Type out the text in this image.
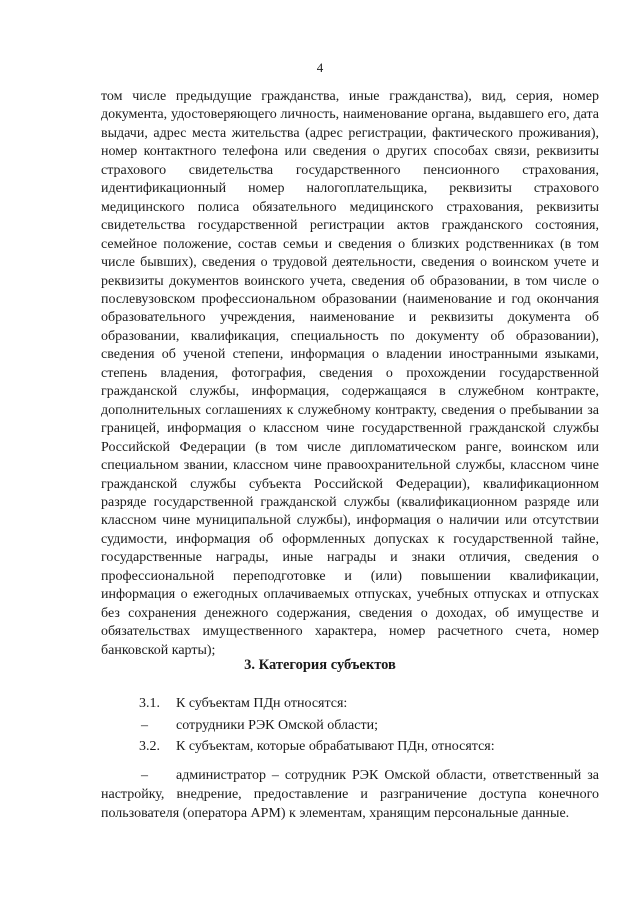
4

том числе предыдущие гражданства, иные гражданства), вид, серия, номер документа, удостоверяющего личность, наименование органа, выдавшего его, дата выдачи, адрес места жительства (адрес регистрации, фактического проживания), номер контактного телефона или сведения о других способах связи, реквизиты страхового свидетельства государственного пенсионного страхования, идентификационный номер налогоплательщика, реквизиты страхового медицинского полиса обязательного медицинского страхования, реквизиты свидетельства государственной регистрации актов гражданского состояния, семейное положение, состав семьи и сведения о близких родственниках (в том числе бывших), сведения о трудовой деятельности, сведения о воинском учете и реквизиты документов воинского учета, сведения об образовании, в том числе о послевузовском профессиональном образовании (наименование и год окончания образовательного учреждения, наименование и реквизиты документа об образовании, квалификация, специальность по документу об образовании), сведения об ученой степени, информация о владении иностранными языками, степень владения, фотография, сведения о прохождении государственной гражданской службы, информация, содержащаяся в служебном контракте, дополнительных соглашениях к служебному контракту, сведения о пребывании за границей, информация о классном чине государственной гражданской службы Российской Федерации (в том числе дипломатическом ранге, воинском или специальном звании, классном чине правоохранительной службы, классном чине гражданской службы субъекта Российской Федерации), квалификационном разряде государственной гражданской службы (квалификационном разряде или классном чине муниципальной службы), информация о наличии или отсутствии судимости, информация об оформленных допусках к государственной тайне, государственные награды, иные награды и знаки отличия, сведения о профессиональной переподготовке и (или) повышении квалификации, информация о ежегодных оплачиваемых отпусках, учебных отпусках и отпусках без сохранения денежного содержания, сведения о доходах, об имуществе и обязательствах имущественного характера, номер расчетного счета, номер банковской карты);

3. Категория субъектов
3.1. К субъектам ПДн относятся:
– сотрудники РЭК Омской области;
3.2. К субъектам, которые обрабатывают ПДн, относятся:

– администратор – сотрудник РЭК Омской области, ответственный за настройку, внедрение, предоставление и разграничение доступа конечного пользователя (оператора АРМ) к элементам, хранящим персональные данные.
